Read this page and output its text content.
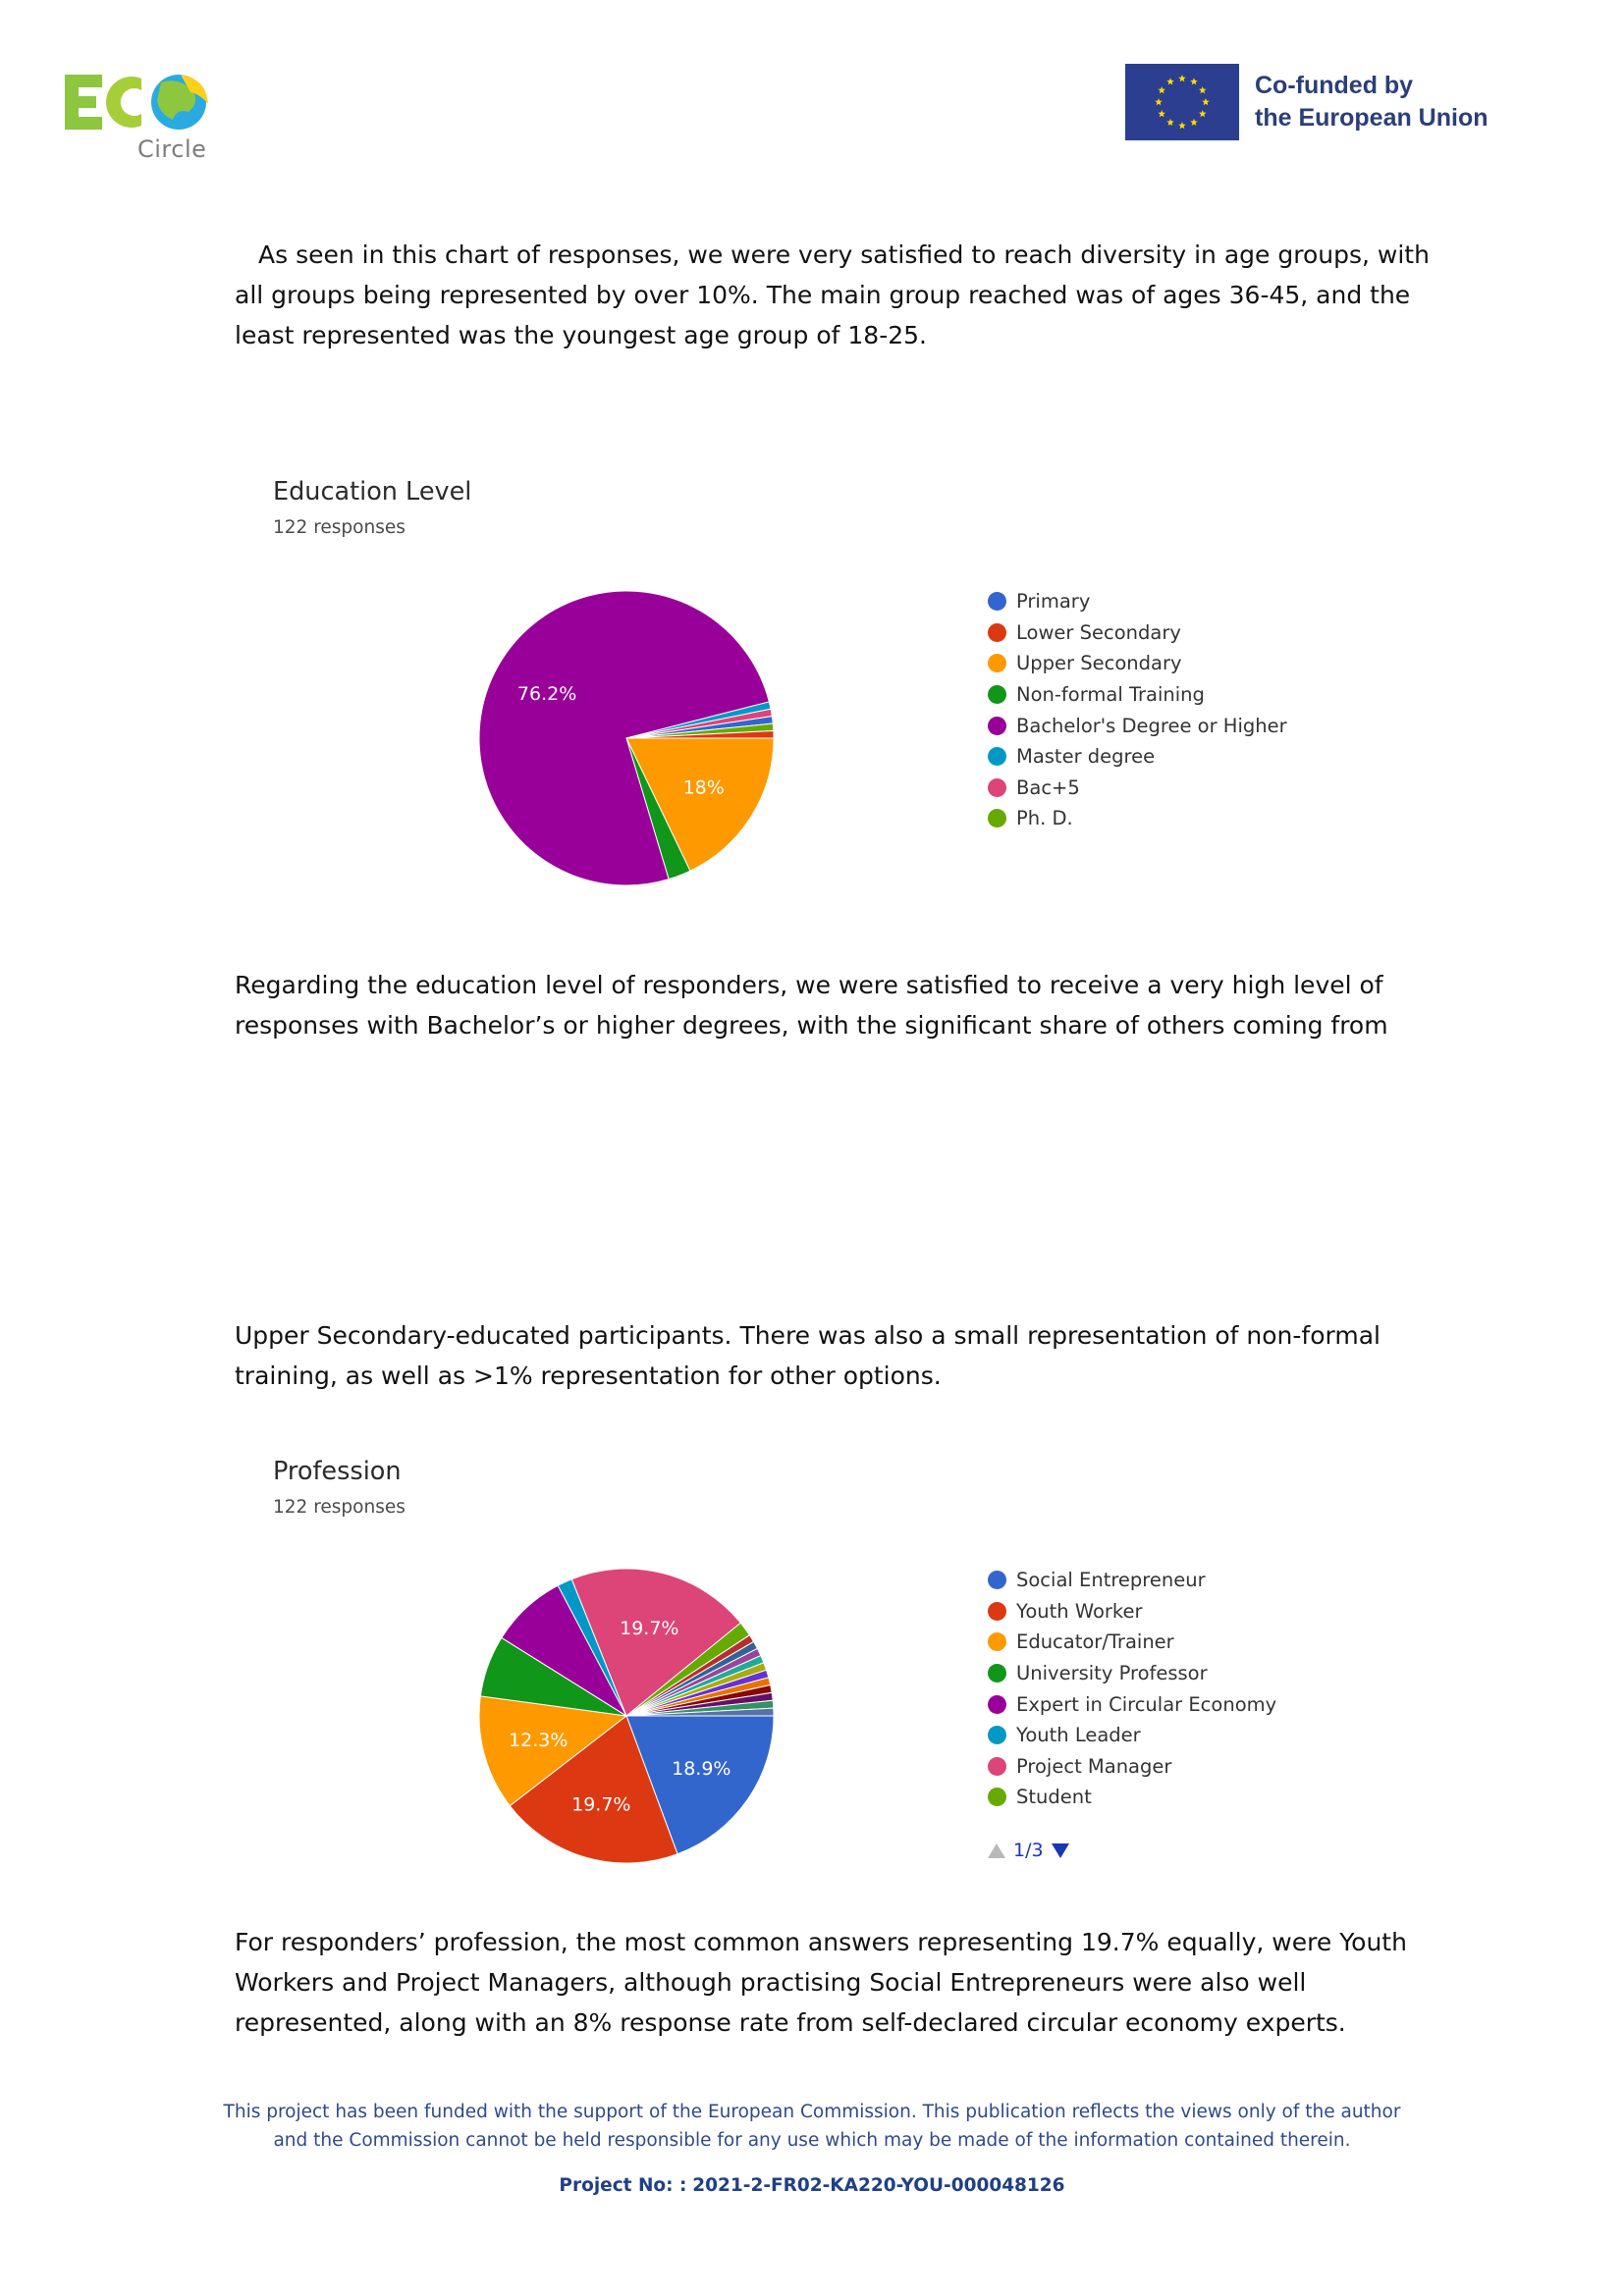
Circle
Co-funded by
the European Union
As seen in this chart of responses, we were very satisfied to reach diversity in age groups, with all groups being represented by over 10%. The main group reached was of ages 36-45, and the least represented was the youngest age group of 18-25.
Education Level
122 responses
18%
76.2%
Primary
Lower Secondary
Upper Secondary
Non-formal Training
Bachelor's Degree or Higher
Master degree
Bac+5
Ph. D.
Regarding the education level of responders, we were satisfied to receive a very high level of responses with Bachelor’s or higher degrees, with the significant share of others coming from
Upper Secondary-educated participants. There was also a small representation of non-formal training, as well as >1% representation for other options.
Profession
122 responses
18.9%
19.7%
12.3%
19.7%
Social Entrepreneur
Youth Worker
Educator/Trainer
University Professor
Expert in Circular Economy
Youth Leader
Project Manager
Student
1/3
For responders’ profession, the most common answers representing 19.7% equally, were Youth Workers and Project Managers, although practising Social Entrepreneurs were also well represented, along with an 8% response rate from self-declared circular economy experts.
This project has been funded with the support of the European Commission. This publication reflects the views only of the author
and the Commission cannot be held responsible for any use which may be made of the information contained therein.
Project No: : 2021-2-FR02-KA220-YOU-000048126
